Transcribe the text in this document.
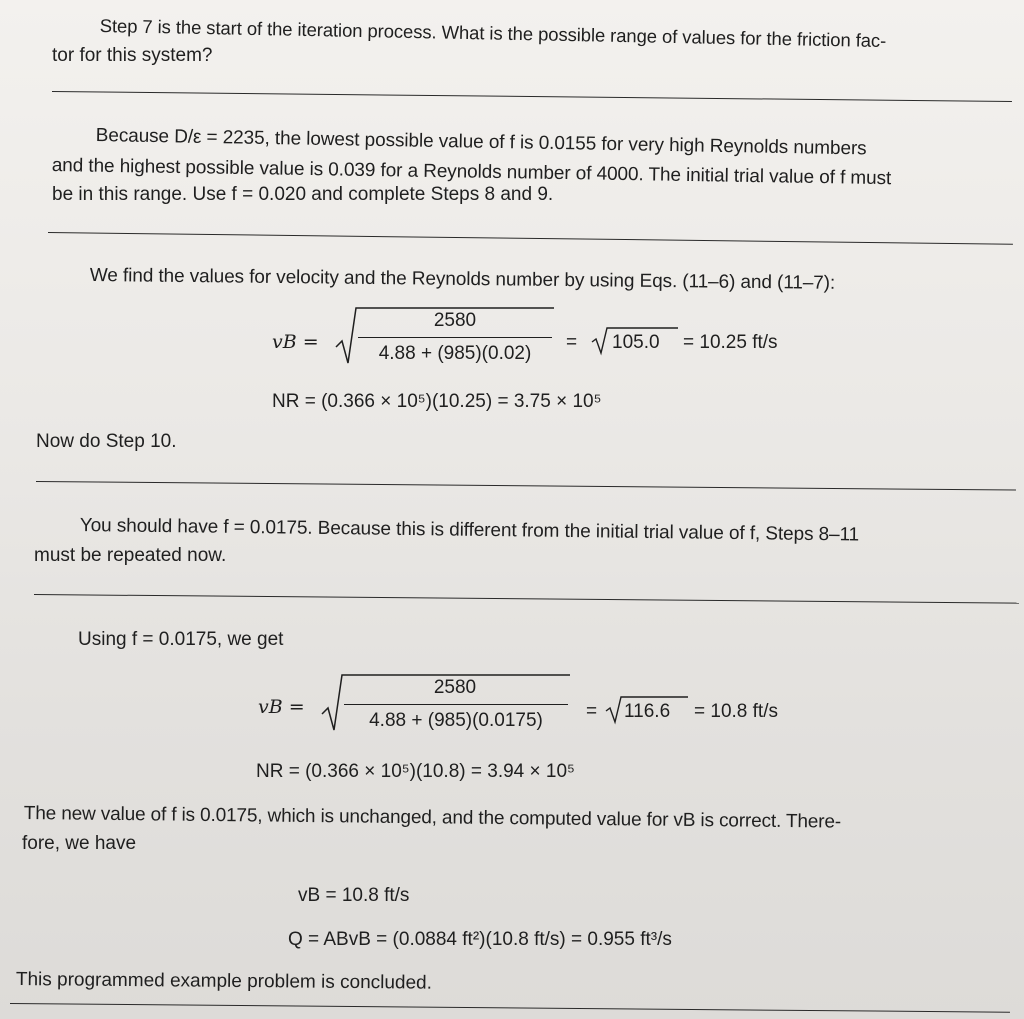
Step 7 is the start of the iteration process. What is the possible range of values for the friction fac-

tor for this system?

Because D/ε = 2235, the lowest possible value of f is 0.0155 for very high Reynolds numbers

and the highest possible value is 0.039 for a Reynolds number of 4000. The initial trial value of f must

be in this range. Use f = 0.020 and complete Steps 8 and 9.

We find the values for velocity and the Reynolds number by using Eqs. (11–6) and (11–7):

vB =
2580
4.88 + (985)(0.02)
= 105.0 = 10.25 ft/s
NR = (0.366 × 10⁵)(10.25) = 3.75 × 10⁵

Now do Step 10.

You should have f = 0.0175. Because this is different from the initial trial value of f, Steps 8–11

must be repeated now.

Using f = 0.0175, we get

vB =
2580
4.88 + (985)(0.0175)	= 116.6 = 10.8 ft/s
NR = (0.366 × 10⁵)(10.8) = 3.94 × 10⁵

The new value of f is 0.0175, which is unchanged, and the computed value for vB is correct. There-

fore, we have

vB = 10.8 ft/s
Q = ABvB = (0.0884 ft²)(10.8 ft/s) = 0.955 ft³/s

This programmed example problem is concluded.
